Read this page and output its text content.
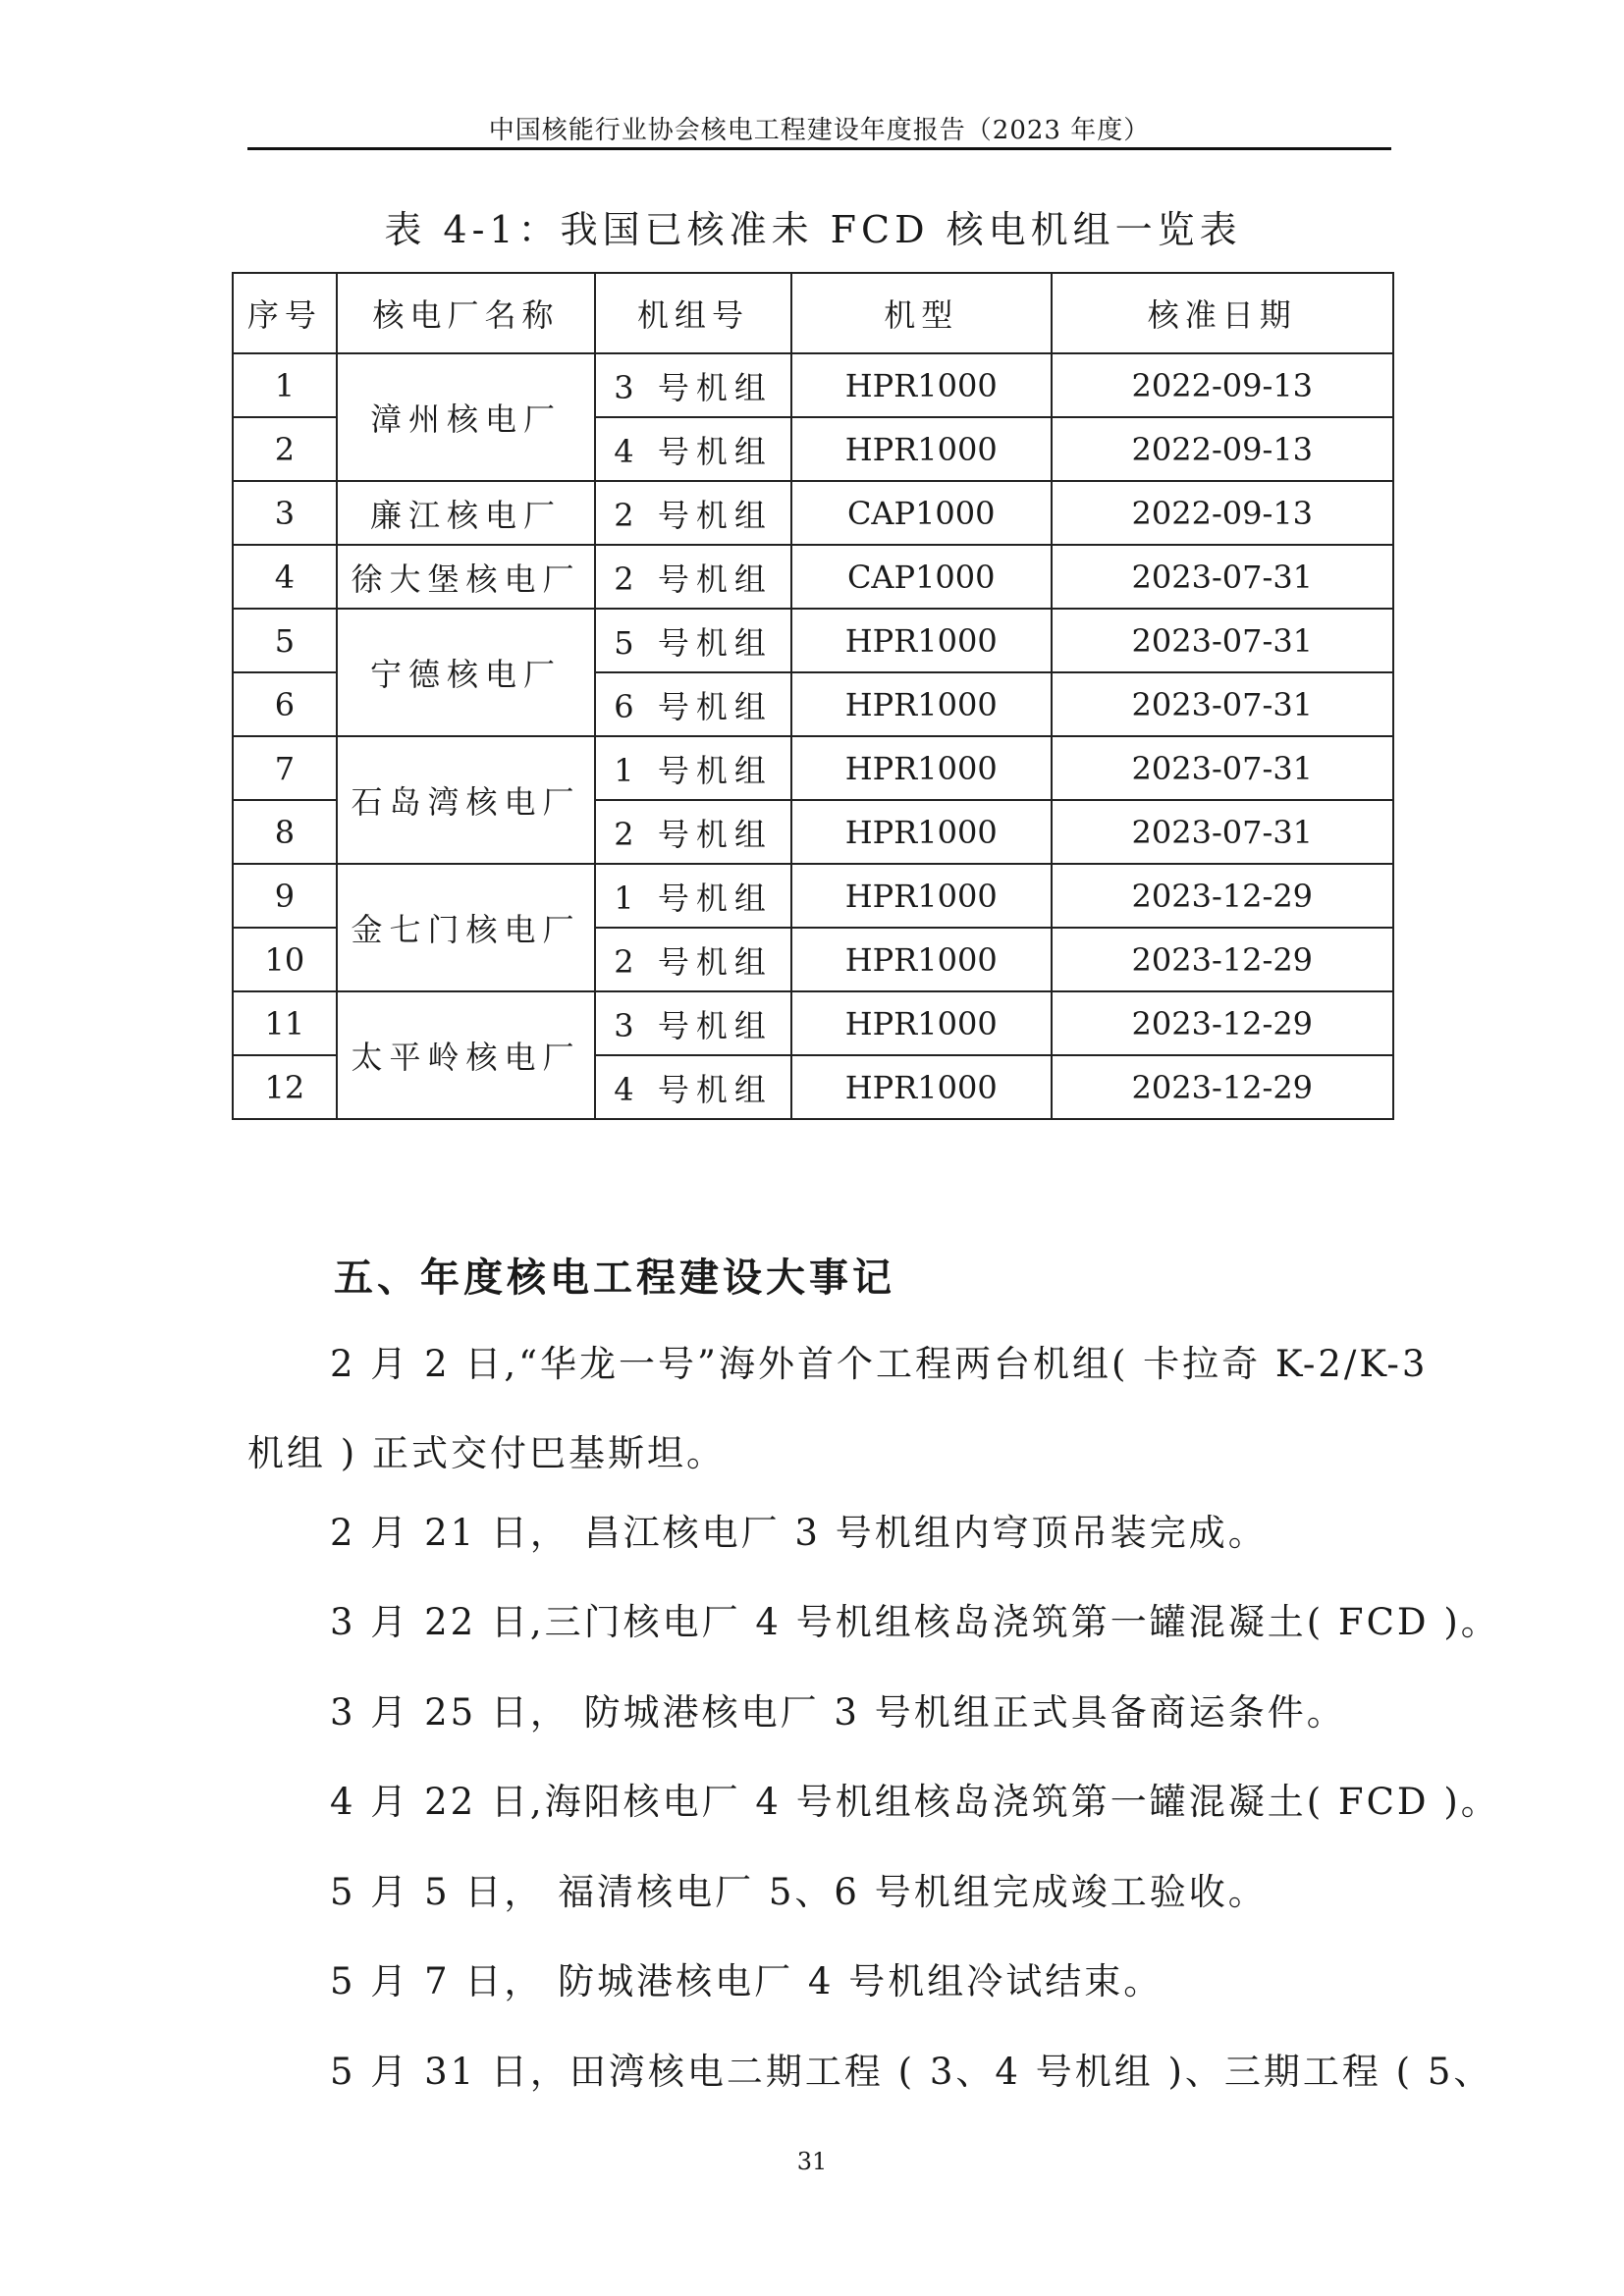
中国核能行业协会核电工程建设年度报告（2023 年度）
表 4-1：我国已核准未 FCD 核电机组一览表
序号	核电厂名称	机组号	机型	核准日期
1	漳州核电厂	3 号机组	HPR1000	2022-09-13
2		4 号机组	HPR1000	2022-09-13
3	廉江核电厂	2 号机组	CAP1000	2022-09-13
4	徐大堡核电厂	2 号机组	CAP1000	2023-07-31
5	宁德核电厂	5 号机组	HPR1000	2023-07-31
6		6 号机组	HPR1000	2023-07-31
7	石岛湾核电厂	1 号机组	HPR1000	2023-07-31
8		2 号机组	HPR1000	2023-07-31
9	金七门核电厂	1 号机组	HPR1000	2023-12-29
10		2 号机组	HPR1000	2023-12-29
11	太平岭核电厂	3 号机组	HPR1000	2023-12-29
12		4 号机组	HPR1000	2023-12-29
五、年度核电工程建设大事记
2 月 2 日,“华龙一号”海外首个工程两台机组( 卡拉奇 K-2/K-3
机组 ) 正式交付巴基斯坦。
2 月 21 日， 昌江核电厂 3 号机组内穹顶吊装完成。
3 月 22 日,三门核电厂 4 号机组核岛浇筑第一罐混凝土( FCD )。
3 月 25 日， 防城港核电厂 3 号机组正式具备商运条件。
4 月 22 日,海阳核电厂 4 号机组核岛浇筑第一罐混凝土( FCD )。
5 月 5 日， 福清核电厂 5、6 号机组完成竣工验收。
5 月 7 日， 防城港核电厂 4 号机组冷试结束。
5 月 31 日，田湾核电二期工程 ( 3、4 号机组 )、三期工程 ( 5、
31
